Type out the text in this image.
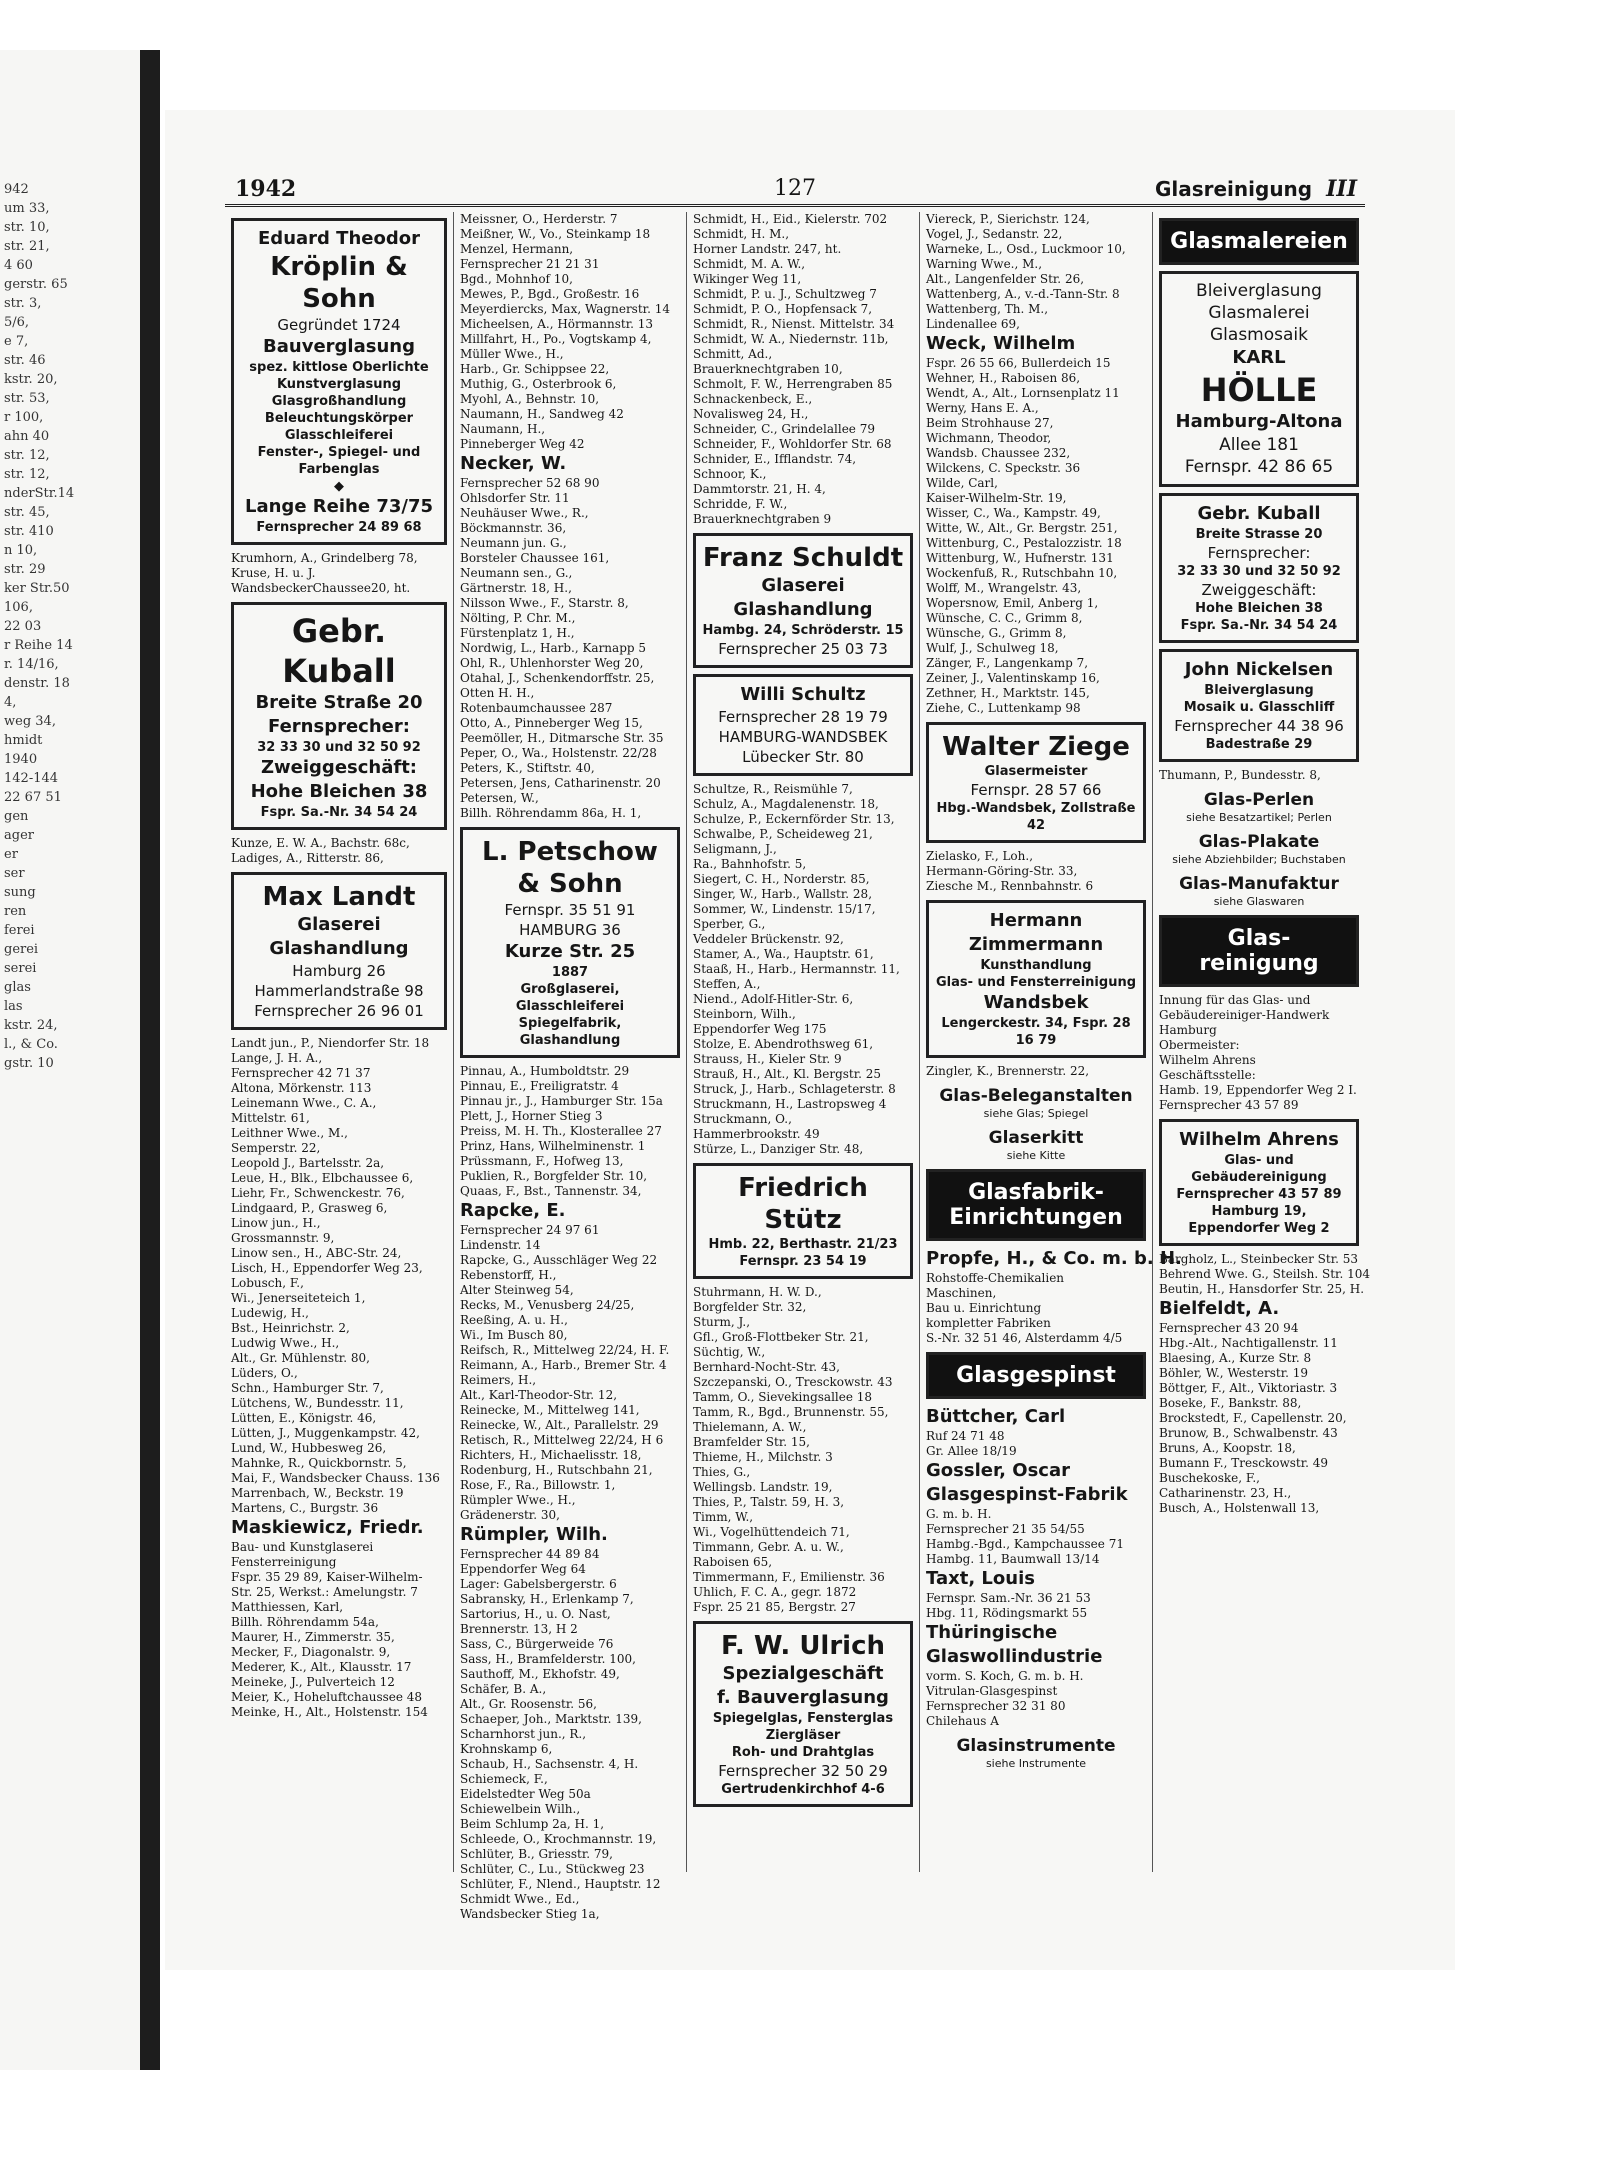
942
um 33,
str. 10,
str. 21,
4 60
gerstr. 65
str. 3,
5/6,
e 7,
str. 46
kstr. 20,
str. 53,
r 100,
ahn 40
str. 12,
str. 12,
nderStr.14
str. 45,
str. 410
n 10,
str. 29
ker Str.50
106,
22 03
r Reihe 14
r. 14/16,
denstr. 18
4,
weg 34,
hmidt
1940
142-144
22 67 51
gen
ager
er
ser
sung
ren
ferei
gerei
serei
glas
las
kstr. 24,
l., & Co.
gstr. 10
1942	127	Glasreinigung III
Eduard Theodor
Kröplin & Sohn
Gegründet 1724
Bauverglasung
spez. kittlose Oberlichte
Kunstverglasung
Glasgroßhandlung
Beleuchtungskörper
Glasschleiferei
Fenster-, Spiegel- und Farbenglas
◆
Lange Reihe 73/75
Fernsprecher 24 89 68
Krumhorn, A., Grindelberg 78,
Kruse, H. u. J.
WandsbeckerChaussee20, ht.
Gebr.
Kuball
Breite Straße 20
Fernsprecher:
32 33 30 und 32 50 92
Zweiggeschäft:
Hohe Bleichen 38
Fspr. Sa.-Nr. 34 54 24
Kunze, E. W. A., Bachstr. 68c,
Ladiges, A., Ritterstr. 86,
Max Landt
Glaserei
Glashandlung
Hamburg 26
Hammerlandstraße 98
Fernsprecher 26 96 01
Landt jun., P., Niendorfer Str. 18
Lange, J. H. A.,
Fernsprecher 42 71 37
Altona, Mörkenstr. 113
Leinemann Wwe., C. A.,
Mittelstr. 61,
Leithner Wwe., M.,
Semperstr. 22,
Leopold J., Bartelsstr. 2a,
Leue, H., Blk., Elbchaussee 6,
Liehr, Fr., Schwenckestr. 76,
Lindgaard, P., Grasweg 6,
Linow jun., H.,
Grossmannstr. 9,
Linow sen., H., ABC-Str. 24,
Lisch, H., Eppendorfer Weg 23,
Lobusch, F.,
Wi., Jenerseiteteich 1,
Ludewig, H.,
Bst., Heinrichstr. 2,
Ludwig Wwe., H.,
Alt., Gr. Mühlenstr. 80,
Lüders, O.,
Schn., Hamburger Str. 7,
Lütchens, W., Bundesstr. 11,
Lütten, E., Königstr. 46,
Lütten, J., Muggenkampstr. 42,
Lund, W., Hubbesweg 26,
Mahnke, R., Quickbornstr. 5,
Mai, F., Wandsbecker Chauss. 136
Marrenbach, W., Beckstr. 19
Martens, C., Burgstr. 36
Maskiewicz, Friedr.
Bau- und Kunstglaserei
Fensterreinigung
Fspr. 35 29 89, Kaiser-Wilhelm-
Str. 25, Werkst.: Amelungstr. 7
Matthiessen, Karl,
Billh. Röhrendamm 54a,
Maurer, H., Zimmerstr. 35,
Mecker, F., Diagonalstr. 9,
Mederer, K., Alt., Klausstr. 17
Meineke, J., Pulverteich 12
Meier, K., Hoheluftchaussee 48
Meinke, H., Alt., Holstenstr. 154
Meissner, O., Herderstr. 7
Meißner, W., Vo., Steinkamp 18
Menzel, Hermann,
Fernsprecher 21 21 31
Bgd., Mohnhof 10,
Mewes, P., Bgd., Großestr. 16
Meyerdiercks, Max, Wagnerstr. 14
Micheelsen, A., Hörmannstr. 13
Millfahrt, H., Po., Vogtskamp 4,
Müller Wwe., H.,
Harb., Gr. Schippsee 22,
Muthig, G., Osterbrook 6,
Myohl, A., Behnstr. 10,
Naumann, H., Sandweg 42
Naumann, H.,
Pinneberger Weg 42
Necker, W.
Fernsprecher 52 68 90
Ohlsdorfer Str. 11
Neuhäuser Wwe., R.,
Böckmannstr. 36,
Neumann jun. G.,
Borsteler Chaussee 161,
Neumann sen., G.,
Gärtnerstr. 18, H.,
Nilsson Wwe., F., Starstr. 8,
Nölting, P. Chr. M.,
Fürstenplatz 1, H.,
Nordwig, L., Harb., Karnapp 5
Ohl, R., Uhlenhorster Weg 20,
Otahal, J., Schenkendorffstr. 25,
Otten H. H.,
Rotenbaumchaussee 287
Otto, A., Pinneberger Weg 15,
Peemöller, H., Ditmarsche Str. 35
Peper, O., Wa., Holstenstr. 22/28
Peters, K., Stiftstr. 40,
Petersen, Jens, Catharinenstr. 20
Petersen, W.,
Billh. Röhrendamm 86a, H. 1,
L. Petschow & Sohn
Fernspr. 35 51 91
HAMBURG 36
Kurze Str. 25
1887
Großglaserei, Glasschleiferei
Spiegelfabrik, Glashandlung
Pinnau, A., Humboldtstr. 29
Pinnau, E., Freiligratstr. 4
Pinnau jr., J., Hamburger Str. 15a
Plett, J., Horner Stieg 3
Preiss, M. H. Th., Klosterallee 27
Prinz, Hans, Wilhelminenstr. 1
Prüssmann, F., Hofweg 13,
Puklien, R., Borgfelder Str. 10,
Quaas, F., Bst., Tannenstr. 34,
Rapcke, E.
Fernsprecher 24 97 61
Lindenstr. 14
Rapcke, G., Ausschläger Weg 22
Rebenstorff, H.,
Alter Steinweg 54,
Recks, M., Venusberg 24/25,
Reeßing, A. u. H.,
Wi., Im Busch 80,
Reifsch, R., Mittelweg 22/24, H. F.
Reimann, A., Harb., Bremer Str. 4
Reimers, H.,
Alt., Karl-Theodor-Str. 12,
Reinecke, M., Mittelweg 141,
Reinecke, W., Alt., Parallelstr. 29
Retisch, R., Mittelweg 22/24, H 6
Richters, H., Michaelisstr. 18,
Rodenburg, H., Rutschbahn 21,
Rose, F., Ra., Billowstr. 1,
Rümpler Wwe., H.,
Grädenerstr. 30,
Rümpler, Wilh.
Fernsprecher 44 89 84
Eppendorfer Weg 64
Lager: Gabelsbergerstr. 6
Sabransky, H., Erlenkamp 7,
Sartorius, H., u. O. Nast,
Brennerstr. 13, H 2
Sass, C., Bürgerweide 76
Sass, H., Bramfelderstr. 100,
Sauthoff, M., Ekhofstr. 49,
Schäfer, B. A.,
Alt., Gr. Roosenstr. 56,
Schaeper, Joh., Marktstr. 139,
Scharnhorst jun., R.,
Krohnskamp 6,
Schaub, H., Sachsenstr. 4, H.
Schiemeck, F.,
Eidelstedter Weg 50a
Schiewelbein Wilh.,
Beim Schlump 2a, H. 1,
Schleede, O., Krochmannstr. 19,
Schlüter, B., Griesstr. 79,
Schlüter, C., Lu., Stückweg 23
Schlüter, F., Nlend., Hauptstr. 12
Schmidt Wwe., Ed.,
Wandsbecker Stieg 1a,
Schmidt, H., Eid., Kielerstr. 702
Schmidt, H. M.,
Horner Landstr. 247, ht.
Schmidt, M. A. W.,
Wikinger Weg 11,
Schmidt, P. u. J., Schultzweg 7
Schmidt, P. O., Hopfensack 7,
Schmidt, R., Nienst. Mittelstr. 34
Schmidt, W. A., Niedernstr. 11b,
Schmitt, Ad.,
Brauerknechtgraben 10,
Schmolt, F. W., Herrengraben 85
Schnackenbeck, E.,
Novalisweg 24, H.,
Schneider, C., Grindelallee 79
Schneider, F., Wohldorfer Str. 68
Schnider, E., Ifflandstr. 74,
Schnoor, K.,
Dammtorstr. 21, H. 4,
Schridde, F. W.,
Brauerknechtgraben 9
Franz Schuldt
Glaserei
Glashandlung
Hambg. 24, Schröderstr. 15
Fernsprecher 25 03 73
Willi Schultz
Fernsprecher 28 19 79
HAMBURG-WANDSBEK
Lübecker Str. 80
Schultze, R., Reismühle 7,
Schulz, A., Magdalenenstr. 18,
Schulze, P., Eckernförder Str. 13,
Schwalbe, P., Scheideweg 21,
Seligmann, J.,
Ra., Bahnhofstr. 5,
Siegert, C. H., Norderstr. 85,
Singer, W., Harb., Wallstr. 28,
Sommer, W., Lindenstr. 15/17,
Sperber, G.,
Veddeler Brückenstr. 92,
Stamer, A., Wa., Hauptstr. 61,
Staaß, H., Harb., Hermannstr. 11,
Steffen, A.,
Niend., Adolf-Hitler-Str. 6,
Steinborn, Wilh.,
Eppendorfer Weg 175
Stolze, E. Abendrothsweg 61,
Strauss, H., Kieler Str. 9
Strauß, H., Alt., Kl. Bergstr. 25
Struck, J., Harb., Schlageterstr. 8
Struckmann, H., Lastropsweg 4
Struckmann, O.,
Hammerbrookstr. 49
Stürze, L., Danziger Str. 48,
Friedrich Stütz
Hmb. 22, Berthastr. 21/23
Fernspr. 23 54 19
Stuhrmann, H. W. D.,
Borgfelder Str. 32,
Sturm, J.,
Gfl., Groß-Flottbeker Str. 21,
Süchtig, W.,
Bernhard-Nocht-Str. 43,
Szczepanski, O., Tresckowstr. 43
Tamm, O., Sievekingsallee 18
Tamm, R., Bgd., Brunnenstr. 55,
Thielemann, A. W.,
Bramfelder Str. 15,
Thieme, H., Milchstr. 3
Thies, G.,
Wellingsb. Landstr. 19,
Thies, P., Talstr. 59, H. 3,
Timm, W.,
Wi., Vogelhüttendeich 71,
Timmann, Gebr. A. u. W.,
Raboisen 65,
Timmermann, F., Emilienstr. 36
Uhlich, F. C. A., gegr. 1872
Fspr. 25 21 85, Bergstr. 27
F. W. Ulrich
Spezialgeschäft
f. Bauverglasung
Spiegelglas, Fensterglas
Ziergläser
Roh- und Drahtglas
Fernsprecher 32 50 29
Gertrudenkirchhof 4-6
Viereck, P., Sierichstr. 124,
Vogel, J., Sedanstr. 22,
Warneke, L., Osd., Luckmoor 10,
Warning Wwe., M.,
Alt., Langenfelder Str. 26,
Wattenberg, A., v.-d.-Tann-Str. 8
Wattenberg, Th. M.,
Lindenallee 69,
Weck, Wilhelm
Fspr. 26 55 66, Bullerdeich 15
Wehner, H., Raboisen 86,
Wendt, A., Alt., Lornsenplatz 11
Werny, Hans E. A.,
Beim Strohhause 27,
Wichmann, Theodor,
Wandsb. Chaussee 232,
Wilckens, C. Speckstr. 36
Wilde, Carl,
Kaiser-Wilhelm-Str. 19,
Wisser, C., Wa., Kampstr. 49,
Witte, W., Alt., Gr. Bergstr. 251,
Wittenburg, C., Pestalozzistr. 18
Wittenburg, W., Hufnerstr. 131
Wockenfuß, R., Rutschbahn 10,
Wolff, M., Wrangelstr. 43,
Wopersnow, Emil, Anberg 1,
Wünsche, C. C., Grimm 8,
Wünsche, G., Grimm 8,
Wulf, J., Schulweg 18,
Zänger, F., Langenkamp 7,
Zeiner, J., Valentinskamp 16,
Zethner, H., Marktstr. 145,
Ziehe, C., Luttenkamp 98
Walter Ziege
Glasermeister
Fernspr. 28 57 66
Hbg.-Wandsbek, Zollstraße 42
Zielasko, F., Loh.,
Hermann-Göring-Str. 33,
Ziesche M., Rennbahnstr. 6
Hermann Zimmermann
Kunsthandlung
Glas- und Fensterreinigung
Wandsbek
Lengerckestr. 34, Fspr. 28 16 79
Zingler, K., Brennerstr. 22,
Glas-Beleganstalten
siehe Glas; Spiegel
Glaserkitt
siehe Kitte
Glasfabrik-
Einrichtungen
Propfe, H., & Co. m. b. H.
Rohstoffe-Chemikalien
Maschinen,
Bau u. Einrichtung
kompletter Fabriken
S.-Nr. 32 51 46, Alsterdamm 4/5
Glasgespinst
Büttcher, Carl
Ruf 24 71 48
Gr. Allee 18/19
Gossler, Oscar Glasgespinst-Fabrik
G. m. b. H.
Fernsprecher 21 35 54/55
Hambg.-Bgd., Kampchaussee 71
Hambg. 11, Baumwall 13/14
Taxt, Louis
Fernspr. Sam.-Nr. 36 21 53
Hbg. 11, Rödingsmarkt 55
Thüringische Glaswollindustrie
vorm. S. Koch, G. m. b. H.
Vitrulan-Glasgespinst
Fernsprecher 32 31 80
Chilehaus A
Glasinstrumente
siehe Instrumente
Glasmalereien
Bleiverglasung
Glasmalerei
Glasmosaik
KARL
HÖLLE
Hamburg-Altona
Allee 181
Fernspr. 42 86 65
Gebr. Kuball
Breite Strasse 20
Fernsprecher:
32 33 30 und 32 50 92
Zweiggeschäft:
Hohe Bleichen 38
Fspr. Sa.-Nr. 34 54 24
John Nickelsen
Bleiverglasung
Mosaik u. Glasschliff
Fernsprecher 44 38 96
Badestraße 29
Thumann, P., Bundesstr. 8,
Glas-Perlen
siehe Besatzartikel; Perlen
Glas-Plakate
siehe Abziehbilder; Buchstaben
Glas-Manufaktur
siehe Glaswaren
Glas-
reinigung
Innung für das Glas- und
Gebäudereiniger-Handwerk
Hamburg
Obermeister:
Wilhelm Ahrens
Geschäftsstelle:
Hamb. 19, Eppendorfer Weg 2 I.
Fernsprecher 43 57 89
Wilhelm Ahrens
Glas- und Gebäudereinigung
Fernsprecher 43 57 89
Hamburg 19, Eppendorfer Weg 2
Bargholz, L., Steinbecker Str. 53
Behrend Wwe. G., Steilsh. Str. 104
Beutin, H., Hansdorfer Str. 25, H.
Bielfeldt, A.
Fernsprecher 43 20 94
Hbg.-Alt., Nachtigallenstr. 11
Blaesing, A., Kurze Str. 8
Böhler, W., Westerstr. 19
Böttger, F., Alt., Viktoriastr. 3
Boseke, F., Bankstr. 88,
Brockstedt, F., Capellenstr. 20,
Brunow, B., Schwalbenstr. 43
Bruns, A., Koopstr. 18,
Bumann F., Tresckowstr. 49
Buschekoske, F.,
Catharinenstr. 23, H.,
Busch, A., Holstenwall 13,
